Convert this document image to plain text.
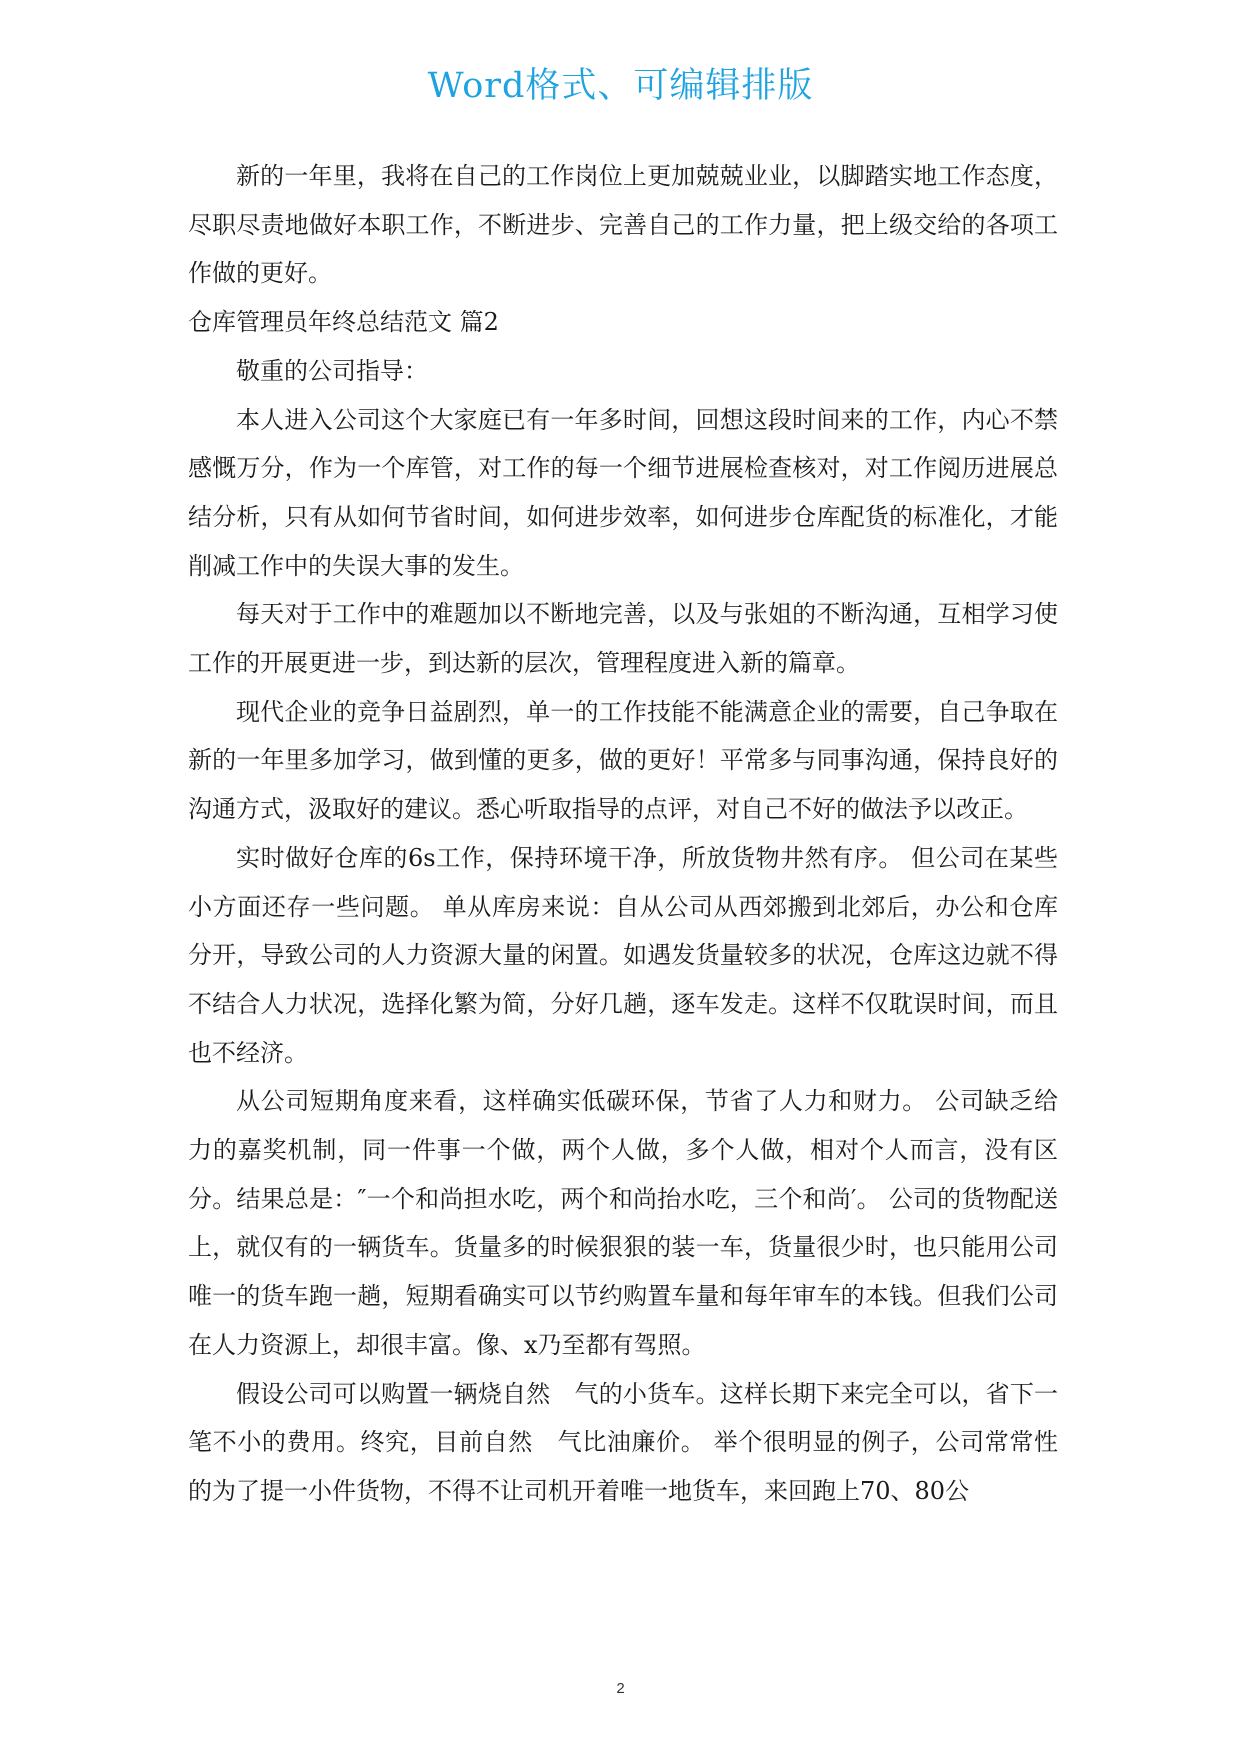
Word格式、可编辑排版

新的一年里，我将在自己的工作岗位上更加兢兢业业，以脚踏实地工作态度，尽职尽责地做好本职工作，不断进步、完善自己的工作力量，把上级交给的各项工作做的更好。

仓库管理员年终总结范文 篇2

敬重的公司指导：

本人进入公司这个大家庭已有一年多时间，回想这段时间来的工作，内心不禁感慨万分，作为一个库管，对工作的每一个细节进展检查核对，对工作阅历进展总结分析，只有从如何节省时间，如何进步效率，如何进步仓库配货的标准化，才能削减工作中的失误大事的发生。

每天对于工作中的难题加以不断地完善，以及与张姐的不断沟通，互相学习使工作的开展更进一步，到达新的层次，管理程度进入新的篇章。

现代企业的竞争日益剧烈，单一的工作技能不能满意企业的需要，自己争取在新的一年里多加学习，做到懂的更多，做的更好！平常多与同事沟通，保持良好的沟通方式，汲取好的建议。悉心听取指导的点评，对自己不好的做法予以改正。

实时做好仓库的6s工作，保持环境干净，所放货物井然有序。 但公司在某些小方面还存一些问题。 单从库房来说：自从公司从西郊搬到北郊后，办公和仓库分开，导致公司的人力资源大量的闲置。如遇发货量较多的状况，仓库这边就不得不结合人力状况，选择化繁为简，分好几趟，逐车发走。这样不仅耽误时间，而且也不经济。

从公司短期角度来看，这样确实低碳环保，节省了人力和财力。 公司缺乏给力的嘉奖机制，同一件事一个做，两个人做，多个人做，相对个人而言，没有区分。结果总是：″一个和尚担水吃，两个和尚抬水吃，三个和尚′。 公司的货物配送上，就仅有的一辆货车。货量多的时候狠狠的装一车，货量很少时，也只能用公司唯一的货车跑一趟，短期看确实可以节约购置车量和每年审车的本钱。但我们公司在人力资源上，却很丰富。像、x乃至都有驾照。

假设公司可以购置一辆烧自然　气的小货车。这样长期下来完全可以，省下一笔不小的费用。终究，目前自然　气比油廉价。 举个很明显的例子，公司常常性的为了提一小件货物，不得不让司机开着唯一地货车，来回跑上70、80公

2
